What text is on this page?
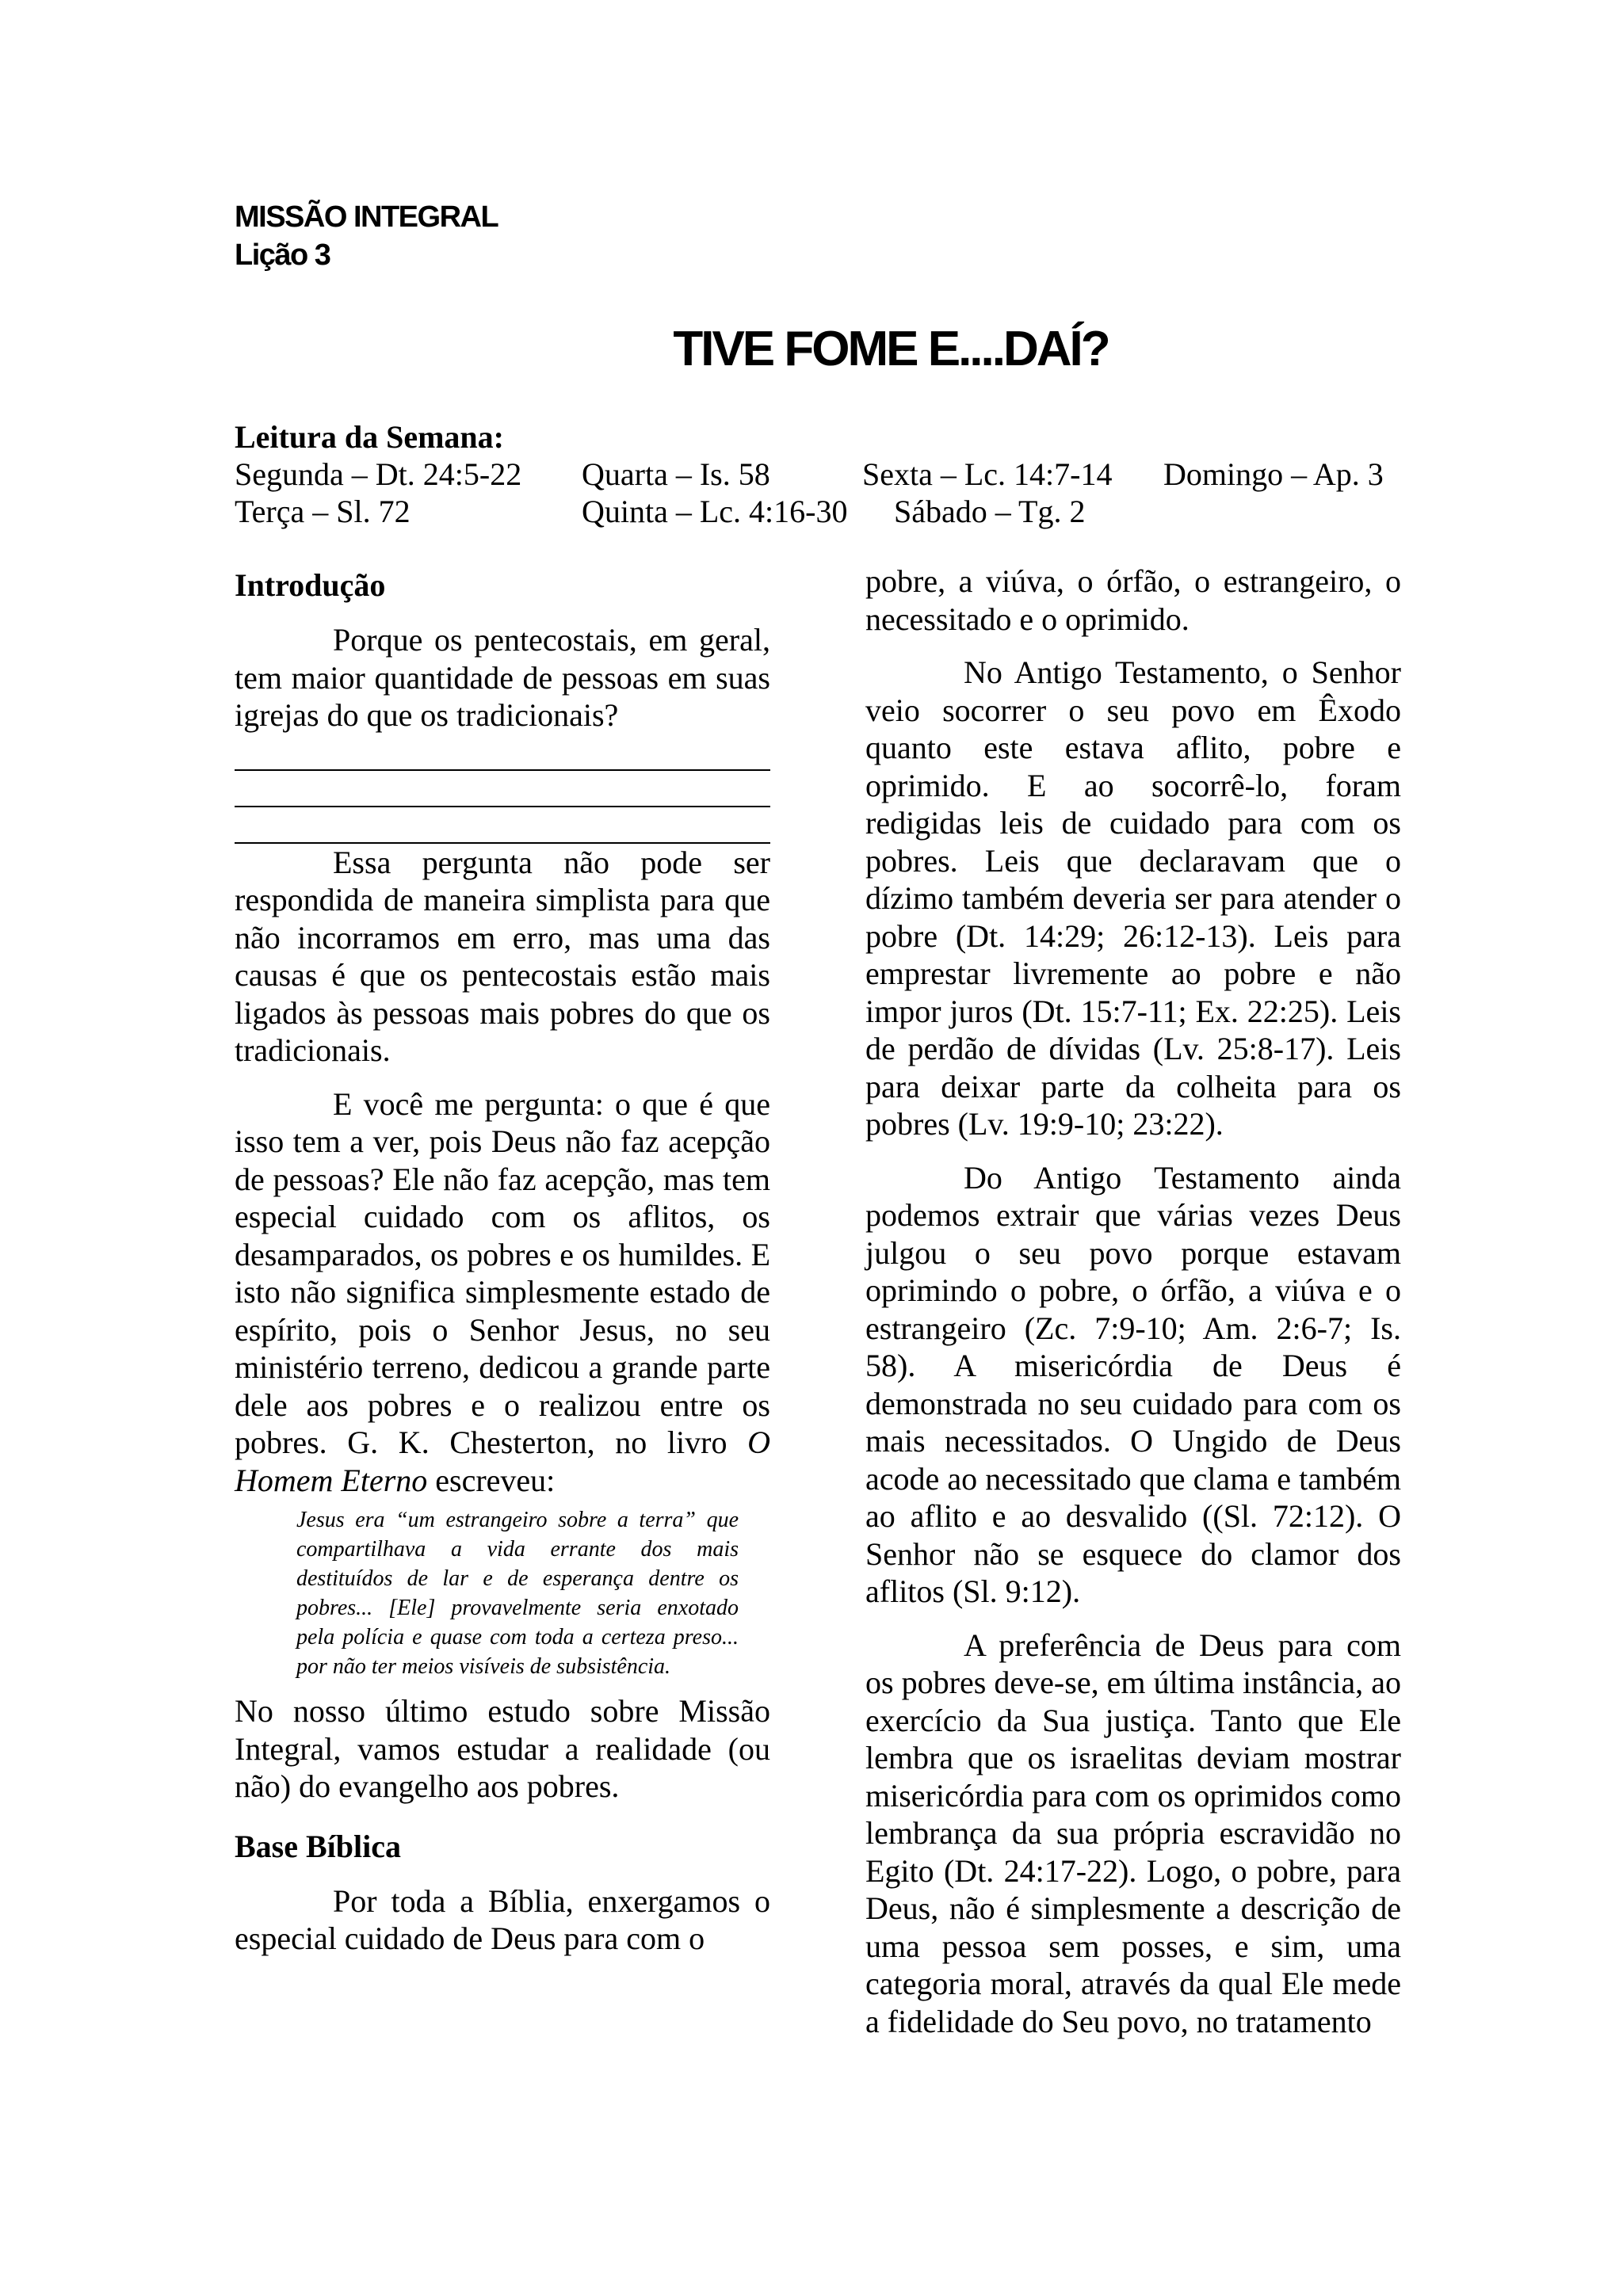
MISSÃO INTEGRAL
Lição 3
TIVE FOME E....DAÍ?
Leitura da Semana:
Segunda – Dt. 24:5-22 Quarta – Is. 58	Sexta – Lc. 14:7-14 Domingo – Ap. 3
Terça – Sl. 72	Quinta – Lc. 4:16-30 Sábado – Tg. 2
Introdução

Porque os pentecostais, em geral, tem maior quantidade de pessoas em suas igrejas do que os tradicionais?

Essa pergunta não pode ser respondida de maneira simplista para que não incorramos em erro, mas uma das causas é que os pentecostais estão mais ligados às pessoas mais pobres do que os tradicionais.

E você me pergunta: o que é que isso tem a ver, pois Deus não faz acepção de pessoas? Ele não faz acepção, mas tem especial cuidado com os aflitos, os desamparados, os pobres e os humildes. E isto não significa simplesmente estado de espírito, pois o Senhor Jesus, no seu ministério terreno, dedicou a grande parte dele aos pobres e o realizou entre os pobres. G. K. Chesterton, no livro O Homem Eterno escreveu:

Jesus era “um estrangeiro sobre a terra” que compartilhava a vida errante dos mais destituídos de lar e de esperança dentre os pobres... [Ele] provavelmente seria enxotado pela polícia e quase com toda a certeza preso... por não ter meios visíveis de subsistência.

No nosso último estudo sobre Missão Integral, vamos estudar a realidade (ou não) do evangelho aos pobres.

Base Bíblica

Por toda a Bíblia, enxergamos o especial cuidado de Deus para com o

pobre, a viúva, o órfão, o estrangeiro, o necessitado e o oprimido.

No Antigo Testamento, o Senhor veio socorrer o seu povo em Êxodo quanto este estava aflito, pobre e oprimido. E ao socorrê-lo, foram redigidas leis de cuidado para com os pobres. Leis que declaravam que o dízimo também deveria ser para atender o pobre (Dt. 14:29; 26:12-13). Leis para emprestar livremente ao pobre e não impor juros (Dt. 15:7-11; Ex. 22:25). Leis de perdão de dívidas (Lv. 25:8-17). Leis para deixar parte da colheita para os pobres (Lv. 19:9-10; 23:22).

Do Antigo Testamento ainda podemos extrair que várias vezes Deus julgou o seu povo porque estavam oprimindo o pobre, o órfão, a viúva e o estrangeiro (Zc. 7:9-10; Am. 2:6-7; Is. 58). A misericórdia de Deus é demonstrada no seu cuidado para com os mais necessitados. O Ungido de Deus acode ao necessitado que clama e também ao aflito e ao desvalido ((Sl. 72:12). O Senhor não se esquece do clamor dos aflitos (Sl. 9:12).

A preferência de Deus para com os pobres deve-se, em última instância, ao exercício da Sua justiça. Tanto que Ele lembra que os israelitas deviam mostrar misericórdia para com os oprimidos como lembrança da sua própria escravidão no Egito (Dt. 24:17-22). Logo, o pobre, para Deus, não é simplesmente a descrição de uma pessoa sem posses, e sim, uma categoria moral, através da qual Ele mede a fidelidade do Seu povo, no tratamento
